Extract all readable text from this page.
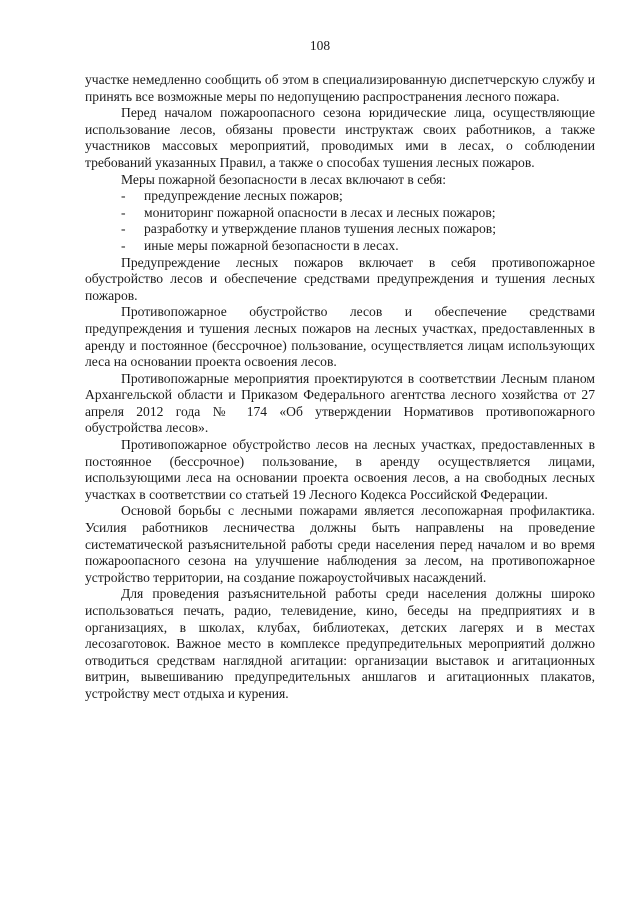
108

участке немедленно сообщить об этом в специализированную диспетчерскую службу и принять все возможные меры по недопущению распространения лесного пожара.

Перед началом пожароопасного сезона юридические лица, осуществляющие использование лесов, обязаны провести инструктаж своих работников, а также участников массовых мероприятий, проводимых ими в лесах, о соблюдении требований указанных Правил, а также о способах тушения лесных пожаров.

Меры пожарной безопасности в лесах включают в себя:

-	предупреждение лесных пожаров;
-	мониторинг пожарной опасности в лесах и лесных пожаров;
-	разработку и утверждение планов тушения лесных пожаров;
-	иные меры пожарной безопасности в лесах.

Предупреждение лесных пожаров включает в себя противопожарное обустройство лесов и обеспечение средствами предупреждения и тушения лесных пожаров.

Противопожарное обустройство лесов и обеспечение средствами предупреждения и тушения лесных пожаров на лесных участках, предоставленных в аренду и постоянное (бессрочное) пользование, осуществляется лицам использующих леса на основании проекта освоения лесов.

Противопожарные мероприятия проектируются в соответствии Лесным планом Архангельской области и Приказом Федерального агентства лесного хозяйства от 27 апреля 2012 года № 174 «Об утверждении Нормативов противопожарного обустройства лесов».

Противопожарное обустройство лесов на лесных участках, предоставленных в постоянное (бессрочное) пользование, в аренду осуществляется лицами, использующими леса на основании проекта освоения лесов, а на свободных лесных участках в соответствии со статьей 19 Лесного Кодекса Российской Федерации.

Основой борьбы с лесными пожарами является лесопожарная профилактика. Усилия работников лесничества должны быть направлены на проведение систематической разъяснительной работы среди населения перед началом и во время пожароопасного сезона на улучшение наблюдения за лесом, на противопожарное устройство территории, на создание пожароустойчивых насаждений.

Для проведения разъяснительной работы среди населения должны широко использоваться печать, радио, телевидение, кино, беседы на предприятиях и в организациях, в школах, клубах, библиотеках, детских лагерях и в местах лесозаготовок. Важное место в комплексе предупредительных мероприятий должно отводиться средствам наглядной агитации: организации выставок и агитационных витрин, вывешиванию предупредительных аншлагов и агитационных плакатов, устройству мест отдыха и курения.
